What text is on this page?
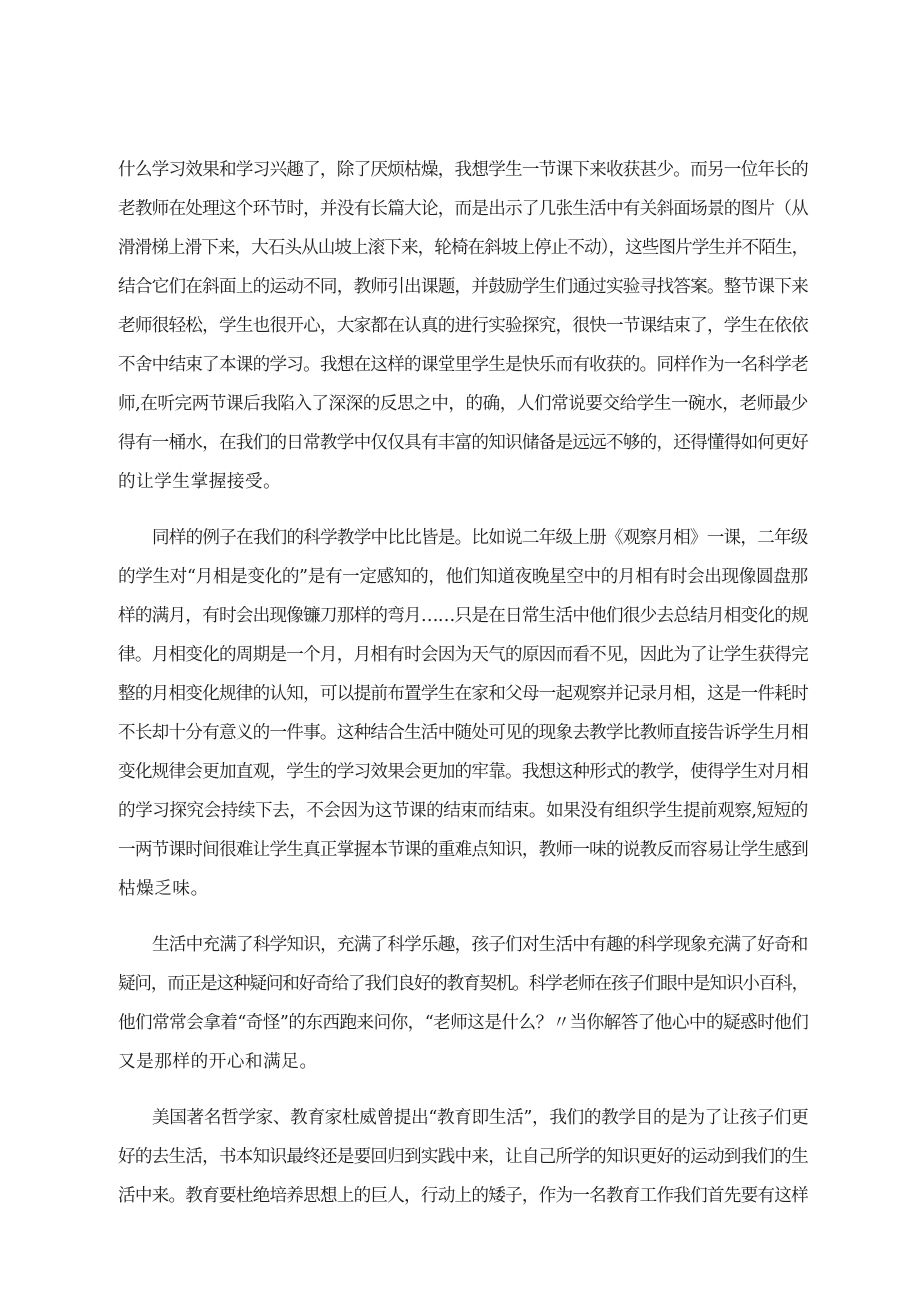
什么学习效果和学习兴趣了，除了厌烦枯燥，我想学生一节课下来收获甚少。而另一位年长的

老教师在处理这个环节时，并没有长篇大论，而是出示了几张生活中有关斜面场景的图片（从

滑滑梯上滑下来，大石头从山坡上滚下来，轮椅在斜坡上停止不动），这些图片学生并不陌生，

结合它们在斜面上的运动不同，教师引出课题，并鼓励学生们通过实验寻找答案。整节课下来

老师很轻松，学生也很开心，大家都在认真的进行实验探究，很快一节课结束了，学生在依依

不舍中结束了本课的学习。我想在这样的课堂里学生是快乐而有收获的。同样作为一名科学老

师,在听完两节课后我陷入了深深的反思之中，的确，人们常说要交给学生一碗水，老师最少

得有一桶水，在我们的日常教学中仅仅具有丰富的知识储备是远远不够的，还得懂得如何更好

的让学生掌握接受。

同样的例子在我们的科学教学中比比皆是。比如说二年级上册《观察月相》一课，二年级

的学生对“月相是变化的”是有一定感知的，他们知道夜晚星空中的月相有时会出现像圆盘那

样的满月，有时会出现像镰刀那样的弯月……只是在日常生活中他们很少去总结月相变化的规

律。月相变化的周期是一个月，月相有时会因为天气的原因而看不见，因此为了让学生获得完

整的月相变化规律的认知，可以提前布置学生在家和父母一起观察并记录月相，这是一件耗时

不长却十分有意义的一件事。这种结合生活中随处可见的现象去教学比教师直接告诉学生月相

变化规律会更加直观，学生的学习效果会更加的牢靠。我想这种形式的教学，使得学生对月相

的学习探究会持续下去，不会因为这节课的结束而结束。如果没有组织学生提前观察,短短的

一两节课时间很难让学生真正掌握本节课的重难点知识，教师一味的说教反而容易让学生感到

枯燥乏味。

生活中充满了科学知识，充满了科学乐趣，孩子们对生活中有趣的科学现象充满了好奇和

疑问，而正是这种疑问和好奇给了我们良好的教育契机。科学老师在孩子们眼中是知识小百科，

他们常常会拿着“奇怪”的东西跑来问你，“老师这是什么？〃当你解答了他心中的疑惑时他们

又是那样的开心和满足。

美国著名哲学家、教育家杜威曾提出“教育即生活”，我们的教学目的是为了让孩子们更

好的去生活，书本知识最终还是要回归到实践中来，让自己所学的知识更好的运动到我们的生

活中来。教育要杜绝培养思想上的巨人，行动上的矮子，作为一名教育工作我们首先要有这样
